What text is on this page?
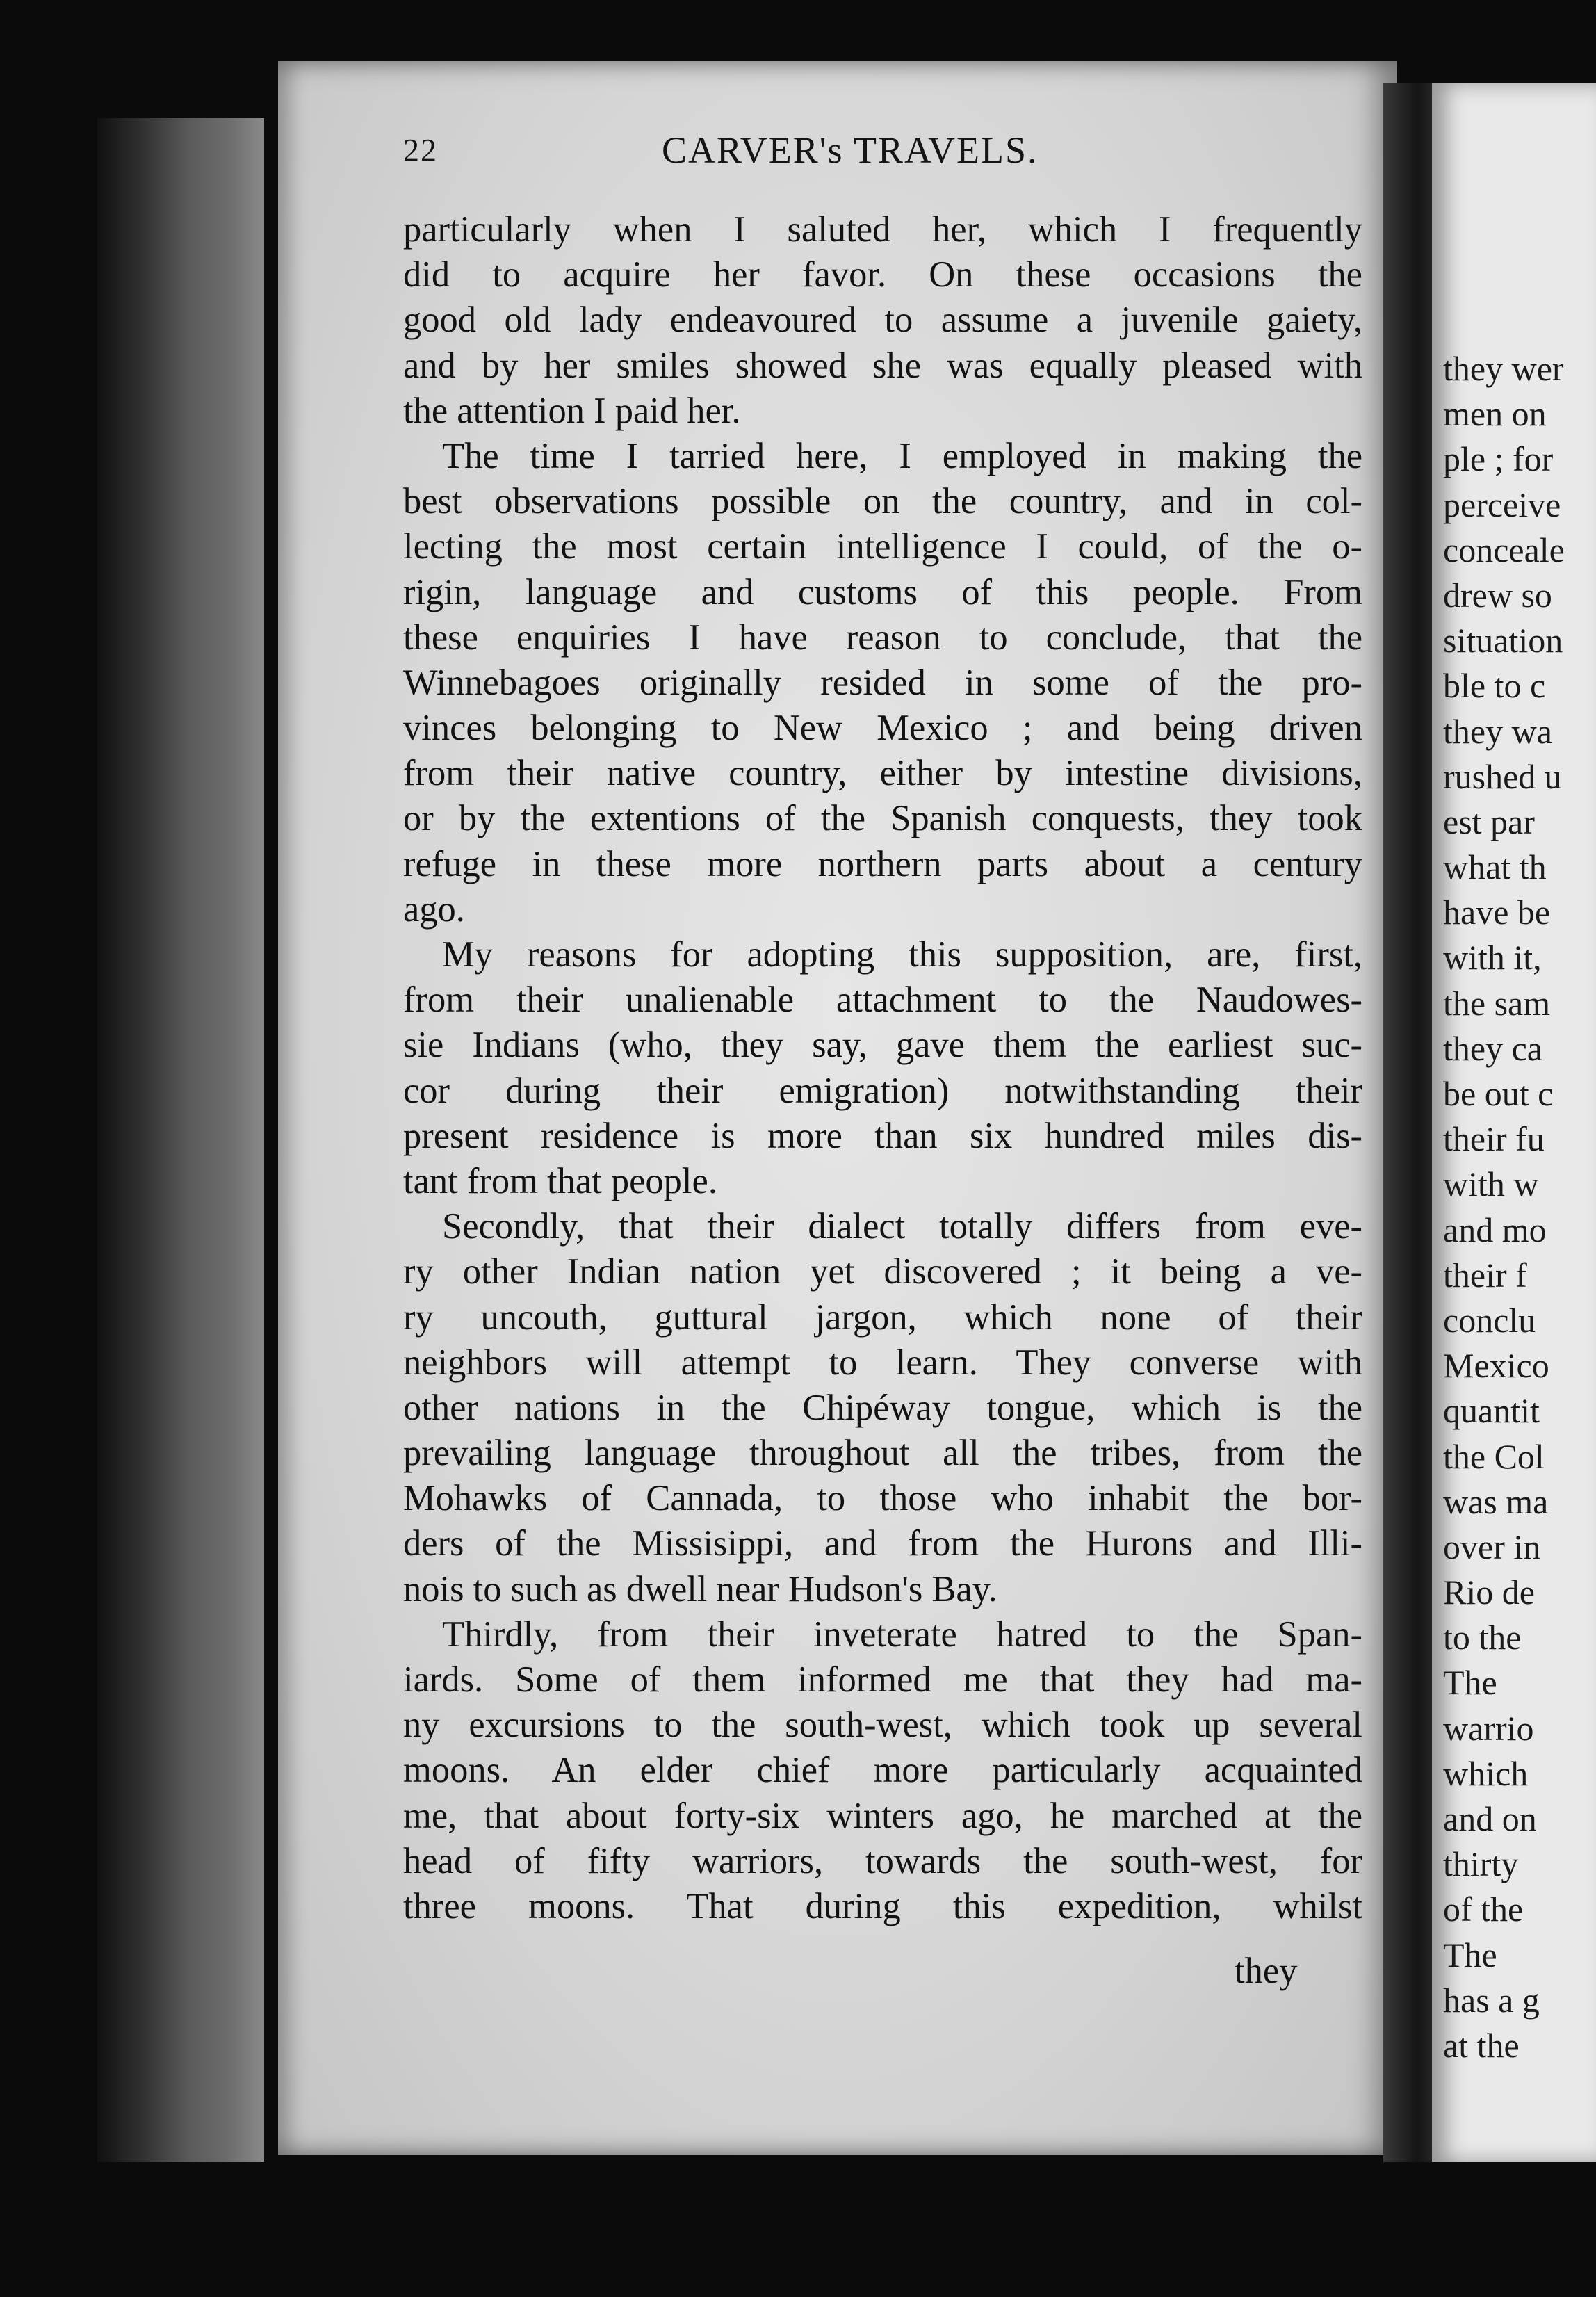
22	CARVER's TRAVELS.
particularly when I saluted her, which I frequently
did to acquire her favor. On these occasions the
good old lady endeavoured to assume a juvenile gaiety,
and by her smiles showed she was equally pleased with
the attention I paid her.
The time I tarried here, I employed in making the
best observations possible on the country, and in col-
lecting the most certain intelligence I could, of the o-
rigin, language and customs of this people. From
these enquiries I have reason to conclude, that the
Winnebagoes originally resided in some of the pro-
vinces belonging to New Mexico ; and being driven
from their native country, either by intestine divisions,
or by the extentions of the Spanish conquests, they took
refuge in these more northern parts about a century
ago.
My reasons for adopting this supposition, are, first,
from their unalienable attachment to the Naudowes-
sie Indians (who, they say, gave them the earliest suc-
cor during their emigration) notwithstanding their
present residence is more than six hundred miles dis-
tant from that people.
Secondly, that their dialect totally differs from eve-
ry other Indian nation yet discovered ; it being a ve-
ry uncouth, guttural jargon, which none of their
neighbors will attempt to learn. They converse with
other nations in the Chipéway tongue, which is the
prevailing language throughout all the tribes, from the
Mohawks of Cannada, to those who inhabit the bor-
ders of the Missisippi, and from the Hurons and Illi-
nois to such as dwell near Hudson's Bay.
Thirdly, from their inveterate hatred to the Span-
iards. Some of them informed me that they had ma-
ny excursions to the south-west, which took up several
moons. An elder chief more particularly acquainted
me, that about forty-six winters ago, he marched at the
head of fifty warriors, towards the south-west, for
three moons. That during this expedition, whilst
they
they wer
men on
ple ; for
perceive
conceale
drew so
situation
ble to c
they wa
rushed u
est par
what th
have be
with it,
the sam
they ca
be out c
their fu
with w
and mo
their f
conclu
Mexico
quantit
the Col
was ma
over in
Rio de
to the
The
warrio
which
and on
thirty
of the
The
has a g
at the
